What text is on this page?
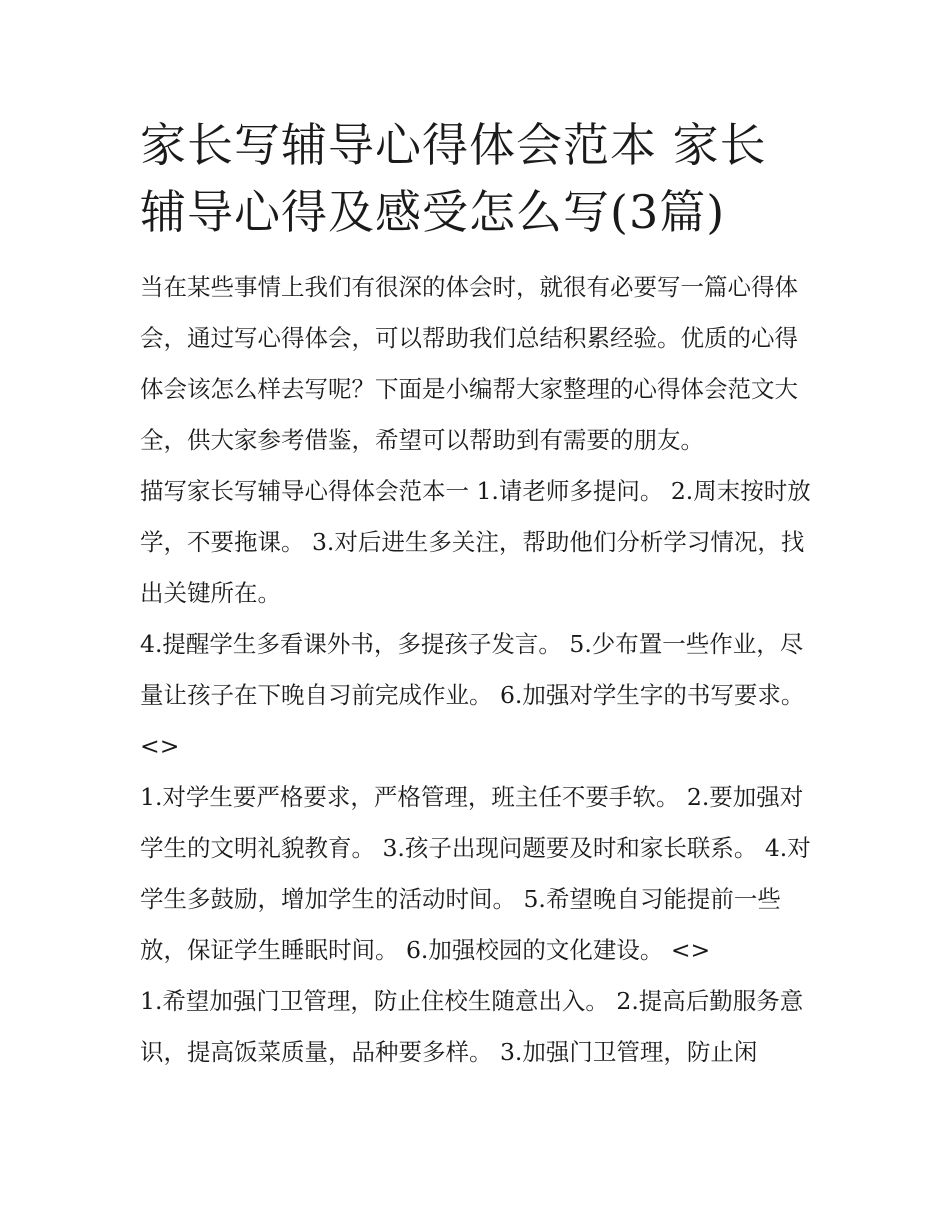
家长写辅导心得体会范本 家长
辅导心得及感受怎么写(3篇)

当在某些事情上我们有很深的体会时，就很有必要写一篇心得体会，通过写心得体会，可以帮助我们总结积累经验。优质的心得体会该怎么样去写呢？下面是小编帮大家整理的心得体会范文大全，供大家参考借鉴，希望可以帮助到有需要的朋友。

描写家长写辅导心得体会范本一 1.请老师多提问。 2.周末按时放学，不要拖课。 3.对后进生多关注，帮助他们分析学习情况，找出关键所在。

4.提醒学生多看课外书，多提孩子发言。 5.少布置一些作业，尽量让孩子在下晚自习前完成作业。 6.加强对学生字的书写要求。 <>

1.对学生要严格要求，严格管理，班主任不要手软。 2.要加强对学生的文明礼貌教育。 3.孩子出现问题要及时和家长联系。 4.对学生多鼓励，增加学生的活动时间。 5.希望晚自习能提前一些放，保证学生睡眠时间。 6.加强校园的文化建设。 <>

1.希望加强门卫管理，防止住校生随意出入。 2.提高后勤服务意识，提高饭菜质量，品种要多样。 3.加强门卫管理，防止闲
